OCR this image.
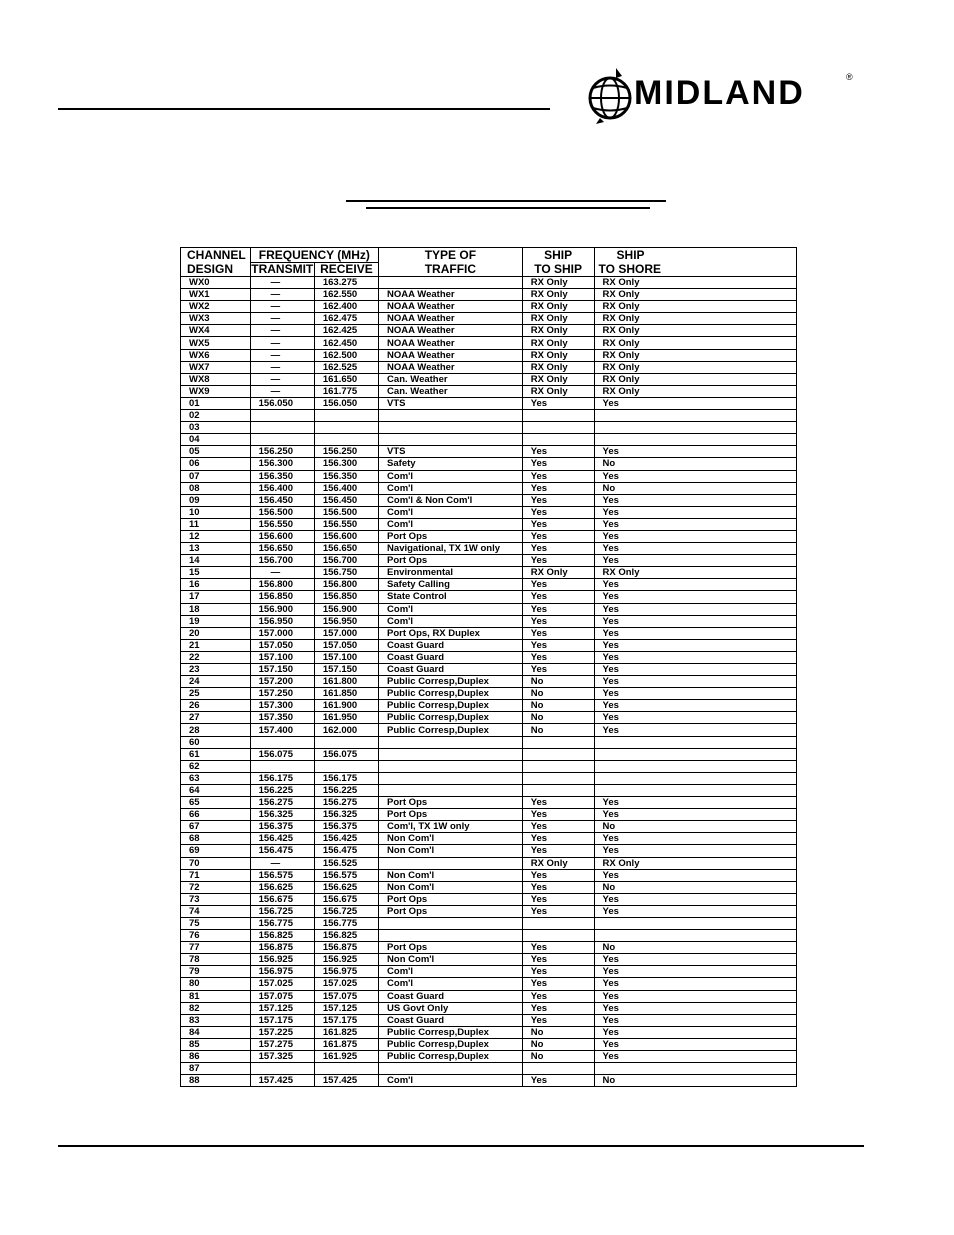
MIDLAND	®
CHANNEL	FREQUENCY (MHz)		TYPE OF	SHIP	SHIP
DESIGN	TRANSMIT	RECEIVE	TRAFFIC	TO SHIP	TO SHORE
WX0	—	163.275		RX Only	RX Only
WX1	—	162.550	NOAA Weather	RX Only	RX Only
WX2	—	162.400	NOAA Weather	RX Only	RX Only
WX3	—	162.475	NOAA Weather	RX Only	RX Only
WX4	—	162.425	NOAA Weather	RX Only	RX Only
WX5	—	162.450	NOAA Weather	RX Only	RX Only
WX6	—	162.500	NOAA Weather	RX Only	RX Only
WX7	—	162.525	NOAA Weather	RX Only	RX Only
WX8	—	161.650	Can. Weather	RX Only	RX Only
WX9	—	161.775	Can. Weather	RX Only	RX Only
01	156.050	156.050	VTS	Yes	Yes
02					
03					
04					
05	156.250	156.250	VTS	Yes	Yes
06	156.300	156.300	Safety	Yes	No
07	156.350	156.350	Com'l	Yes	Yes
08	156.400	156.400	Com'l	Yes	No
09	156.450	156.450	Com'l & Non Com'l	Yes	Yes
10	156.500	156.500	Com'l	Yes	Yes
11	156.550	156.550	Com'l	Yes	Yes
12	156.600	156.600	Port Ops	Yes	Yes
13	156.650	156.650	Navigational, TX 1W only	Yes	Yes
14	156.700	156.700	Port Ops	Yes	Yes
15	—	156.750	Environmental	RX Only	RX Only
16	156.800	156.800	Safety Calling	Yes	Yes
17	156.850	156.850	State Control	Yes	Yes
18	156.900	156.900	Com'l	Yes	Yes
19	156.950	156.950	Com'l	Yes	Yes
20	157.000	157.000	Port Ops, RX Duplex	Yes	Yes
21	157.050	157.050	Coast Guard	Yes	Yes
22	157.100	157.100	Coast Guard	Yes	Yes
23	157.150	157.150	Coast Guard	Yes	Yes
24	157.200	161.800	Public Corresp,Duplex	No	Yes
25	157.250	161.850	Public Corresp,Duplex	No	Yes
26	157.300	161.900	Public Corresp,Duplex	No	Yes
27	157.350	161.950	Public Corresp,Duplex	No	Yes
28	157.400	162.000	Public Corresp,Duplex	No	Yes
60					
61	156.075	156.075			
62					
63	156.175	156.175			
64	156.225	156.225			
65	156.275	156.275	Port Ops	Yes	Yes
66	156.325	156.325	Port Ops	Yes	Yes
67	156.375	156.375	Com'l, TX 1W only	Yes	No
68	156.425	156.425	Non Com'l	Yes	Yes
69	156.475	156.475	Non Com'l	Yes	Yes
70	—	156.525		RX Only	RX Only
71	156.575	156.575	Non Com'l	Yes	Yes
72	156.625	156.625	Non Com'l	Yes	No
73	156.675	156.675	Port Ops	Yes	Yes
74	156.725	156.725	Port Ops	Yes	Yes
75	156.775	156.775			
76	156.825	156.825			
77	156.875	156.875	Port Ops	Yes	No
78	156.925	156.925	Non Com'l	Yes	Yes
79	156.975	156.975	Com'l	Yes	Yes
80	157.025	157.025	Com'l	Yes	Yes
81	157.075	157.075	Coast Guard	Yes	Yes
82	157.125	157.125	US Govt Only	Yes	Yes
83	157.175	157.175	Coast Guard	Yes	Yes
84	157.225	161.825	Public Corresp,Duplex	No	Yes
85	157.275	161.875	Public Corresp,Duplex	No	Yes
86	157.325	161.925	Public Corresp,Duplex	No	Yes
87					
88	157.425	157.425	Com'l	Yes	No
